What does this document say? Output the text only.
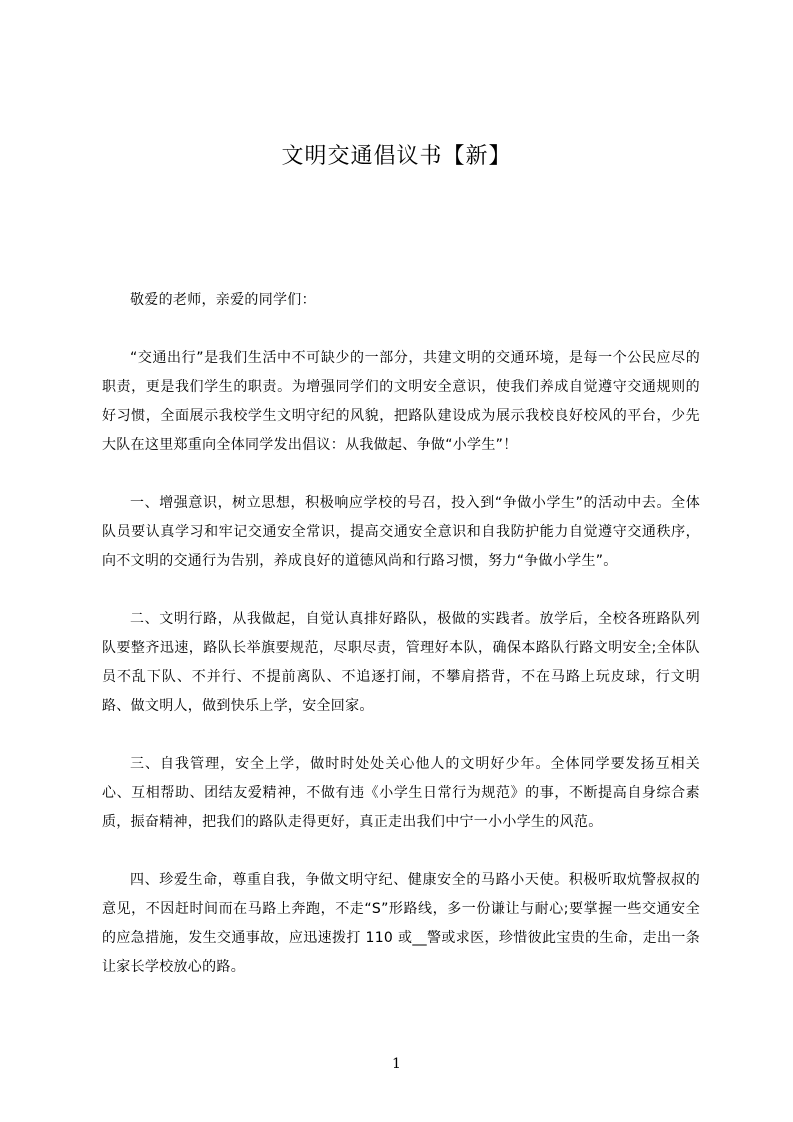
文明交通倡议书【新】

敬爱的老师，亲爱的同学们：

“交通出行”是我们生活中不可缺少的一部分，共建文明的交通环境，是每一个公民应尽的职责，更是我们学生的职责。为增强同学们的文明安全意识，使我们养成自觉遵守交通规则的好习惯，全面展示我校学生文明守纪的风貌，把路队建设成为展示我校良好校风的平台，少先大队在这里郑重向全体同学发出倡议：从我做起、争做“小学生”！

一、增强意识，树立思想，积极响应学校的号召，投入到“争做小学生”的活动中去。全体队员要认真学习和牢记交通安全常识，提高交通安全意识和自我防护能力自觉遵守交通秩序，向不文明的交通行为告别，养成良好的道德风尚和行路习惯，努力“争做小学生”。

二、文明行路，从我做起，自觉认真排好路队，极做的实践者。放学后，全校各班路队列队要整齐迅速，路队长举旗要规范，尽职尽责，管理好本队，确保本路队行路文明安全;全体队员不乱下队、不并行、不提前离队、不追逐打闹，不攀肩搭背，不在马路上玩皮球，行文明路、做文明人，做到快乐上学，安全回家。

三、自我管理，安全上学，做时时处处关心他人的文明好少年。全体同学要发扬互相关心、互相帮助、团结友爱精神，不做有违《小学生日常行为规范》的事，不断提高自身综合素质，振奋精神，把我们的路队走得更好，真正走出我们中宁一小小学生的风范。

四、珍爱生命，尊重自我，争做文明守纪、健康安全的马路小天使。积极听取炕警叔叔的意见，不因赶时间而在马路上奔跑，不走“S”形路线，多一份谦让与耐心;要掌握一些交通安全的应急措施，发生交通事故，应迅速拨打 110 或__警或求医，珍惜彼此宝贵的生命，走出一条让家长学校放心的路。

1
